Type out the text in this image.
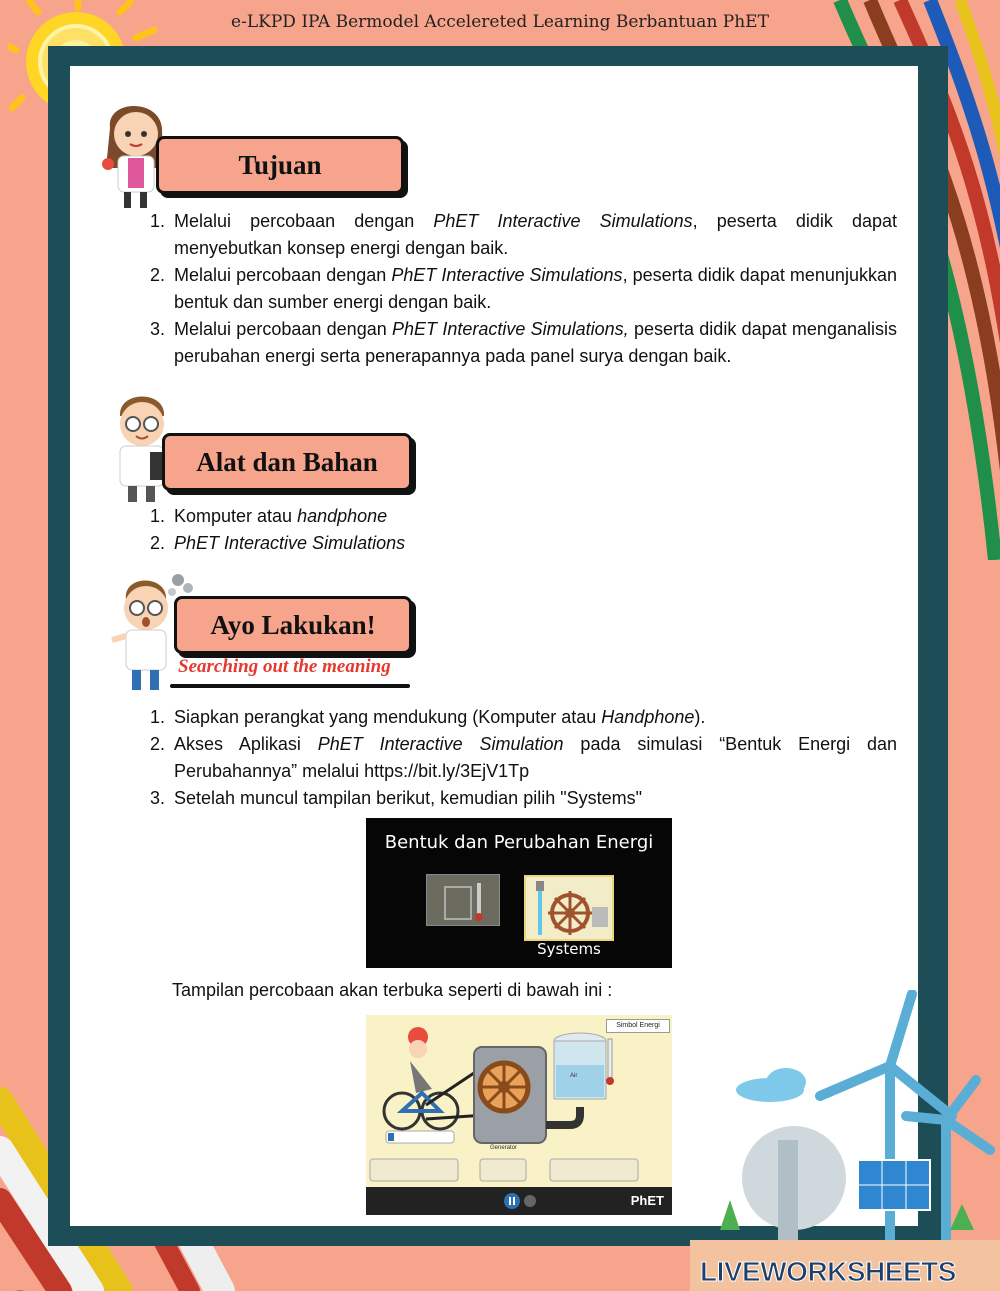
e-LKPD IPA Bermodel Accelereted Learning Berbantuan PhET
Tujuan
1. Melalui percobaan dengan PhET Interactive Simulations, peserta didik dapat menyebutkan konsep energi dengan baik.
2. Melalui percobaan dengan PhET Interactive Simulations, peserta didik dapat menunjukkan bentuk dan sumber energi dengan baik.
3. Melalui percobaan dengan PhET Interactive Simulations, peserta didik dapat menganalisis perubahan energi serta penerapannya pada panel surya dengan baik.
Alat dan Bahan
1. Komputer atau handphone
2. PhET Interactive Simulations
Ayo Lakukan!
Searching out the meaning
1. Siapkan perangkat yang mendukung (Komputer atau Handphone).
2. Akses Aplikasi PhET Interactive Simulation pada simulasi “Bentuk Energi dan Perubahannya” melalui https://bit.ly/3EjV1Tp
3. Setelah muncul tampilan berikut, kemudian pilih "Systems"
Bentuk dan Perubahan Energi
Systems
Tampilan percobaan akan terbuka seperti di bawah ini :
Simbol Energi
Air
Generator
PhET
LIVEWORKSHEETS
